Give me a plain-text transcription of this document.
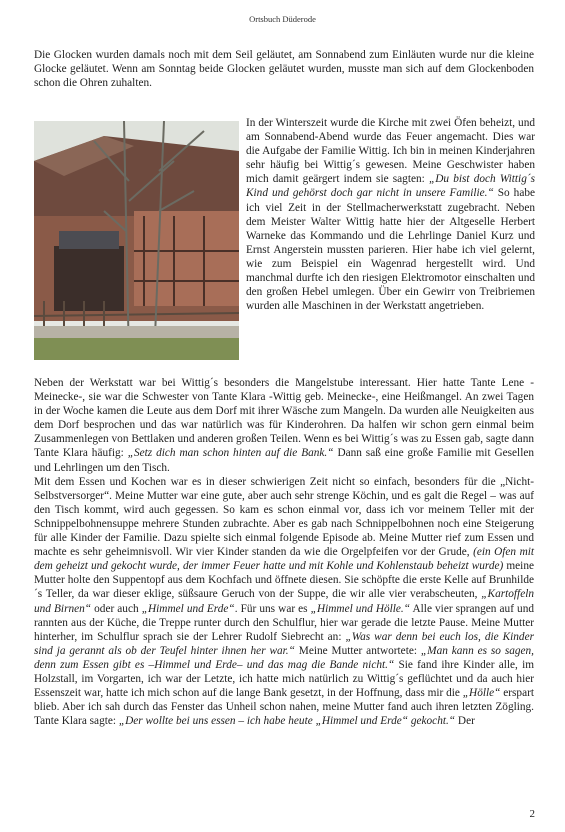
Ortsbuch Düderode

Die Glocken wurden damals noch mit dem Seil geläutet, am Sonnabend zum Einläuten wurde nur die kleine Glocke geläutet. Wenn am Sonntag beide Glocken geläutet wurden, musste man sich auf dem Glockenboden schon die Ohren zuhalten.

In der Winterszeit wurde die Kirche mit zwei Öfen beheizt, und am Sonnabend-Abend wurde das Feuer angemacht. Dies war die Aufgabe der Familie Wittig. Ich bin in meinen Kinderjahren sehr häufig bei Wittig´s gewesen. Meine Geschwister haben mich damit geärgert indem sie sagten: „Du bist doch Wittig´s Kind und gehörst doch gar nicht in unsere Familie.“ So habe ich viel Zeit in der Stellmacherwerkstatt zugebracht. Neben dem Meister Walter Wittig hatte hier der Altgeselle Herbert Warneke das Kommando und die Lehrlinge Daniel Kurz und Ernst Angerstein mussten parieren. Hier habe ich viel gelernt, wie zum Beispiel ein Wagenrad hergestellt wird. Und manchmal durfte ich den riesigen Elektromotor einschalten und den großen Hebel umlegen. Über ein Gewirr von Treibriemen wurden alle Maschinen in der Werkstatt angetrieben.

Neben der Werkstatt war bei Wittig´s besonders die Mangelstube interessant. Hier hatte Tante Lene -Meinecke-, sie war die Schwester von Tante Klara -Wittig geb. Meinecke-, eine Heißmangel. An zwei Tagen in der Woche kamen die Leute aus dem Dorf mit ihrer Wäsche zum Mangeln. Da wurden alle Neuigkeiten aus dem Dorf besprochen und das war natürlich was für Kinderohren. Da halfen wir schon gern einmal beim Zusammenlegen von Bettlaken und anderen großen Teilen. Wenn es bei Wittig´s was zu Essen gab, sagte dann Tante Klara häufig: „Setz dich man schon hinten auf die Bank.“ Dann saß eine große Familie mit Gesellen und Lehrlingen um den Tisch.

Mit dem Essen und Kochen war es in dieser schwierigen Zeit nicht so einfach, besonders für die „Nicht-Selbstversorger“. Meine Mutter war eine gute, aber auch sehr strenge Köchin, und es galt die Regel – was auf den Tisch kommt, wird auch gegessen. So kam es schon einmal vor, dass ich vor meinem Teller mit der Schnippelbohnensuppe mehrere Stunden zubrachte. Aber es gab nach Schnippelbohnen noch eine Steigerung für alle Kinder der Familie. Dazu spielte sich einmal folgende Episode ab. Meine Mutter rief zum Essen und machte es sehr geheimnisvoll. Wir vier Kinder standen da wie die Orgelpfeifen vor der Grude, (ein Ofen mit dem geheizt und gekocht wurde, der immer Feuer hatte und mit Kohle und Kohlenstaub beheizt wurde) meine Mutter holte den Suppentopf aus dem Kochfach und öffnete diesen. Sie schöpfte die erste Kelle auf Brunhilde´s Teller, da war dieser eklige, süßsaure Geruch von der Suppe, die wir alle vier verabscheuten, „Kartoffeln und Birnen“ oder auch „Himmel und Erde“. Für uns war es „Himmel und Hölle.“ Alle vier sprangen auf und rannten aus der Küche, die Treppe runter durch den Schulflur, hier war gerade die letzte Pause. Meine Mutter hinterher, im Schulflur sprach sie der Lehrer Rudolf Siebrecht an: „Was war denn bei euch los, die Kinder sind ja gerannt als ob der Teufel hinter ihnen her war.“ Meine Mutter antwortete: „Man kann es so sagen, denn zum Essen gibt es –Himmel und Erde– und das mag die Bande nicht.“ Sie fand ihre Kinder alle, im Holzstall, im Vorgarten, ich war der Letzte, ich hatte mich natürlich zu Wittig´s geflüchtet und da auch hier Essenszeit war, hatte ich mich schon auf die lange Bank gesetzt, in der Hoffnung, dass mir die „Hölle“ erspart blieb. Aber ich sah durch das Fenster das Unheil schon nahen, meine Mutter fand auch ihren letzten Zögling. Tante Klara sagte: „Der wollte bei uns essen – ich habe heute „Himmel und Erde“ gekocht.“ Der

2
